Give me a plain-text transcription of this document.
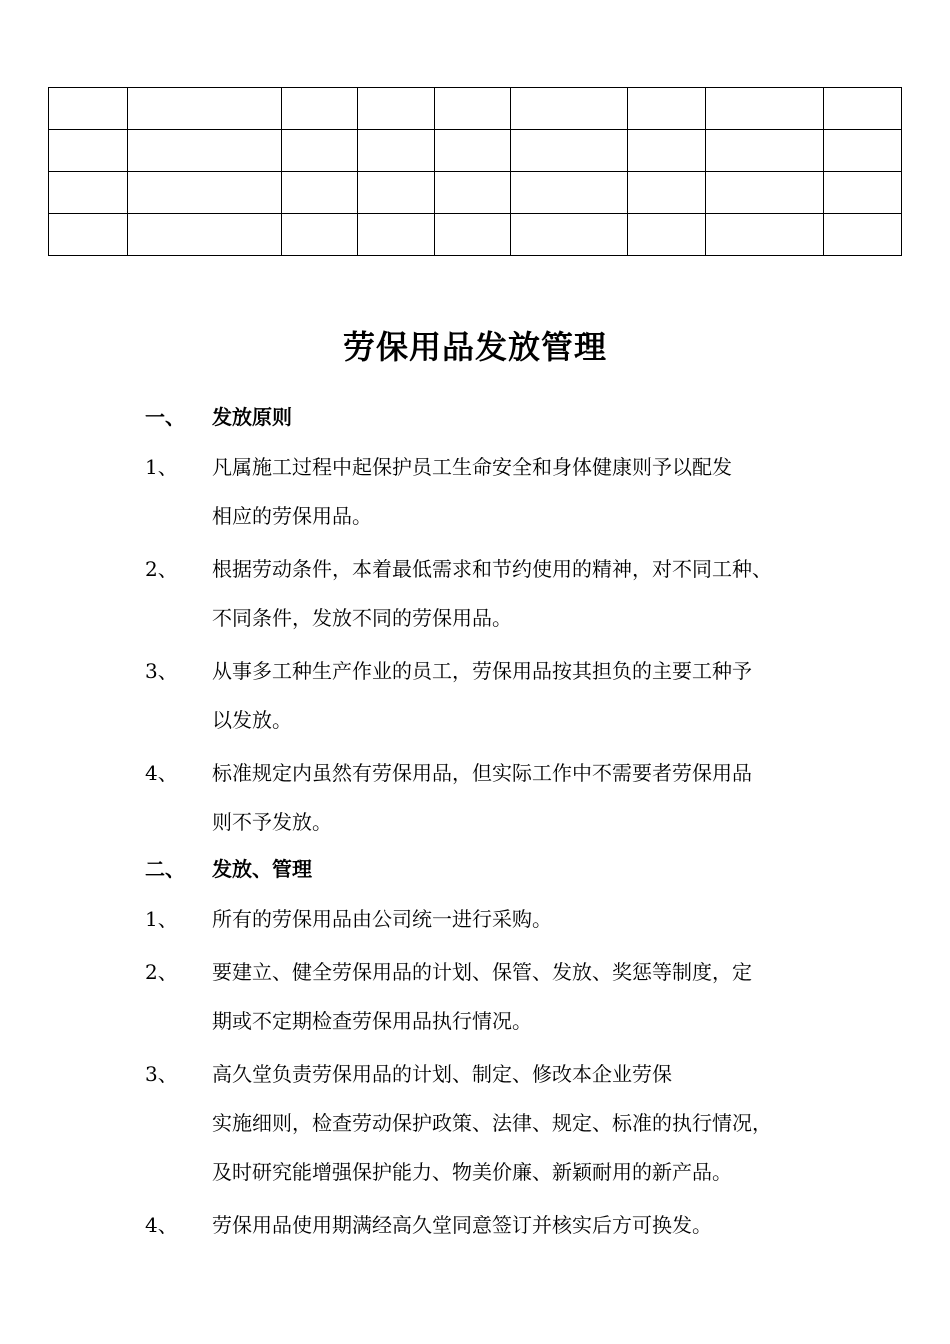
劳保用品发放管理
一、 发放原则
1、 凡属施工过程中起保护员工生命安全和身体健康则予以配发
相应的劳保用品。
2、 根据劳动条件，本着最低需求和节约使用的精神，对不同工种、
不同条件，发放不同的劳保用品。
3、 从事多工种生产作业的员工，劳保用品按其担负的主要工种予
以发放。
4、 标准规定内虽然有劳保用品，但实际工作中不需要者劳保用品
则不予发放。
二、 发放、管理
1、 所有的劳保用品由公司统一进行采购。
2、 要建立、健全劳保用品的计划、保管、发放、奖惩等制度，定
期或不定期检查劳保用品执行情况。
3、 高久堂负责劳保用品的计划、制定、修改本企业劳保
实施细则，检查劳动保护政策、法律、规定、标准的执行情况，
及时研究能增强保护能力、物美价廉、新颖耐用的新产品。
4、 劳保用品使用期满经高久堂同意签订并核实后方可换发。
